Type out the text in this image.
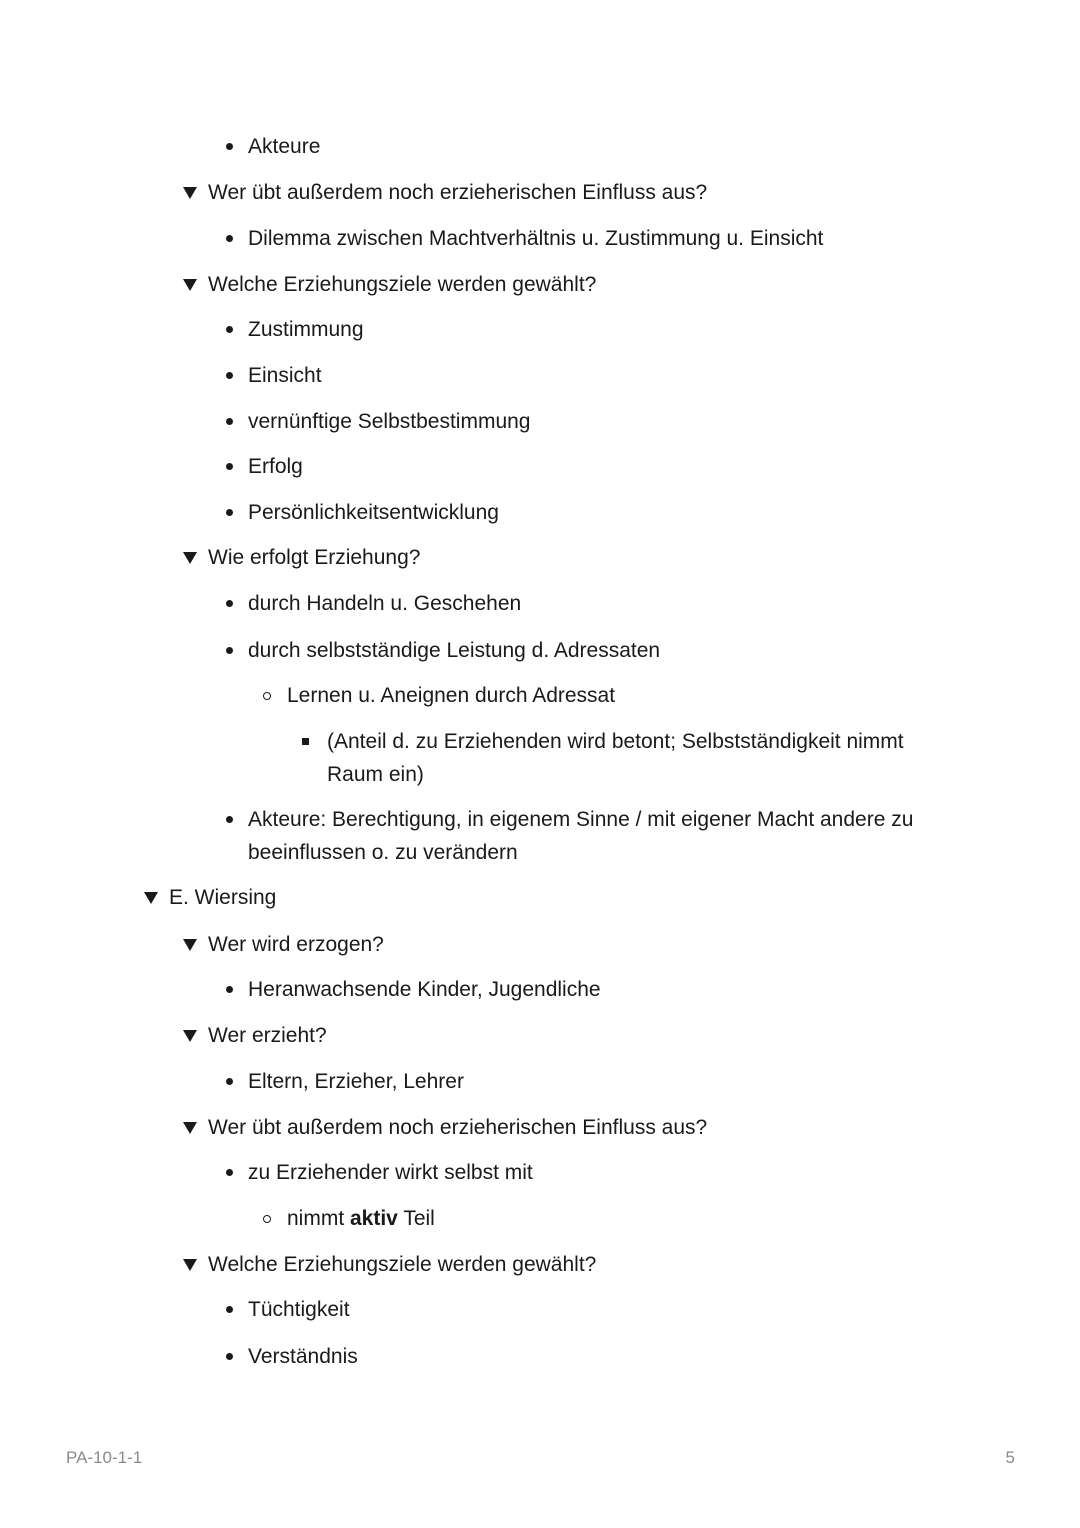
Akteure
Wer übt außerdem noch erzieherischen Einfluss aus?
Dilemma zwischen Machtverhältnis u. Zustimmung u. Einsicht
Welche Erziehungsziele werden gewählt?
Zustimmung
Einsicht
vernünftige Selbstbestimmung
Erfolg
Persönlichkeitsentwicklung
Wie erfolgt Erziehung?
durch Handeln u. Geschehen
durch selbstständige Leistung d. Adressaten
Lernen u. Aneignen durch Adressat
(Anteil d. zu Erziehenden wird betont; Selbstständigkeit nimmt Raum ein)
Akteure: Berechtigung, in eigenem Sinne / mit eigener Macht andere zu beeinflussen o. zu verändern
E. Wiersing
Wer wird erzogen?
Heranwachsende Kinder, Jugendliche
Wer erzieht?
Eltern, Erzieher, Lehrer
Wer übt außerdem noch erzieherischen Einfluss aus?
zu Erziehender wirkt selbst mit
nimmt aktiv Teil
Welche Erziehungsziele werden gewählt?
Tüchtigkeit
Verständnis
PA-10-1-1	5
